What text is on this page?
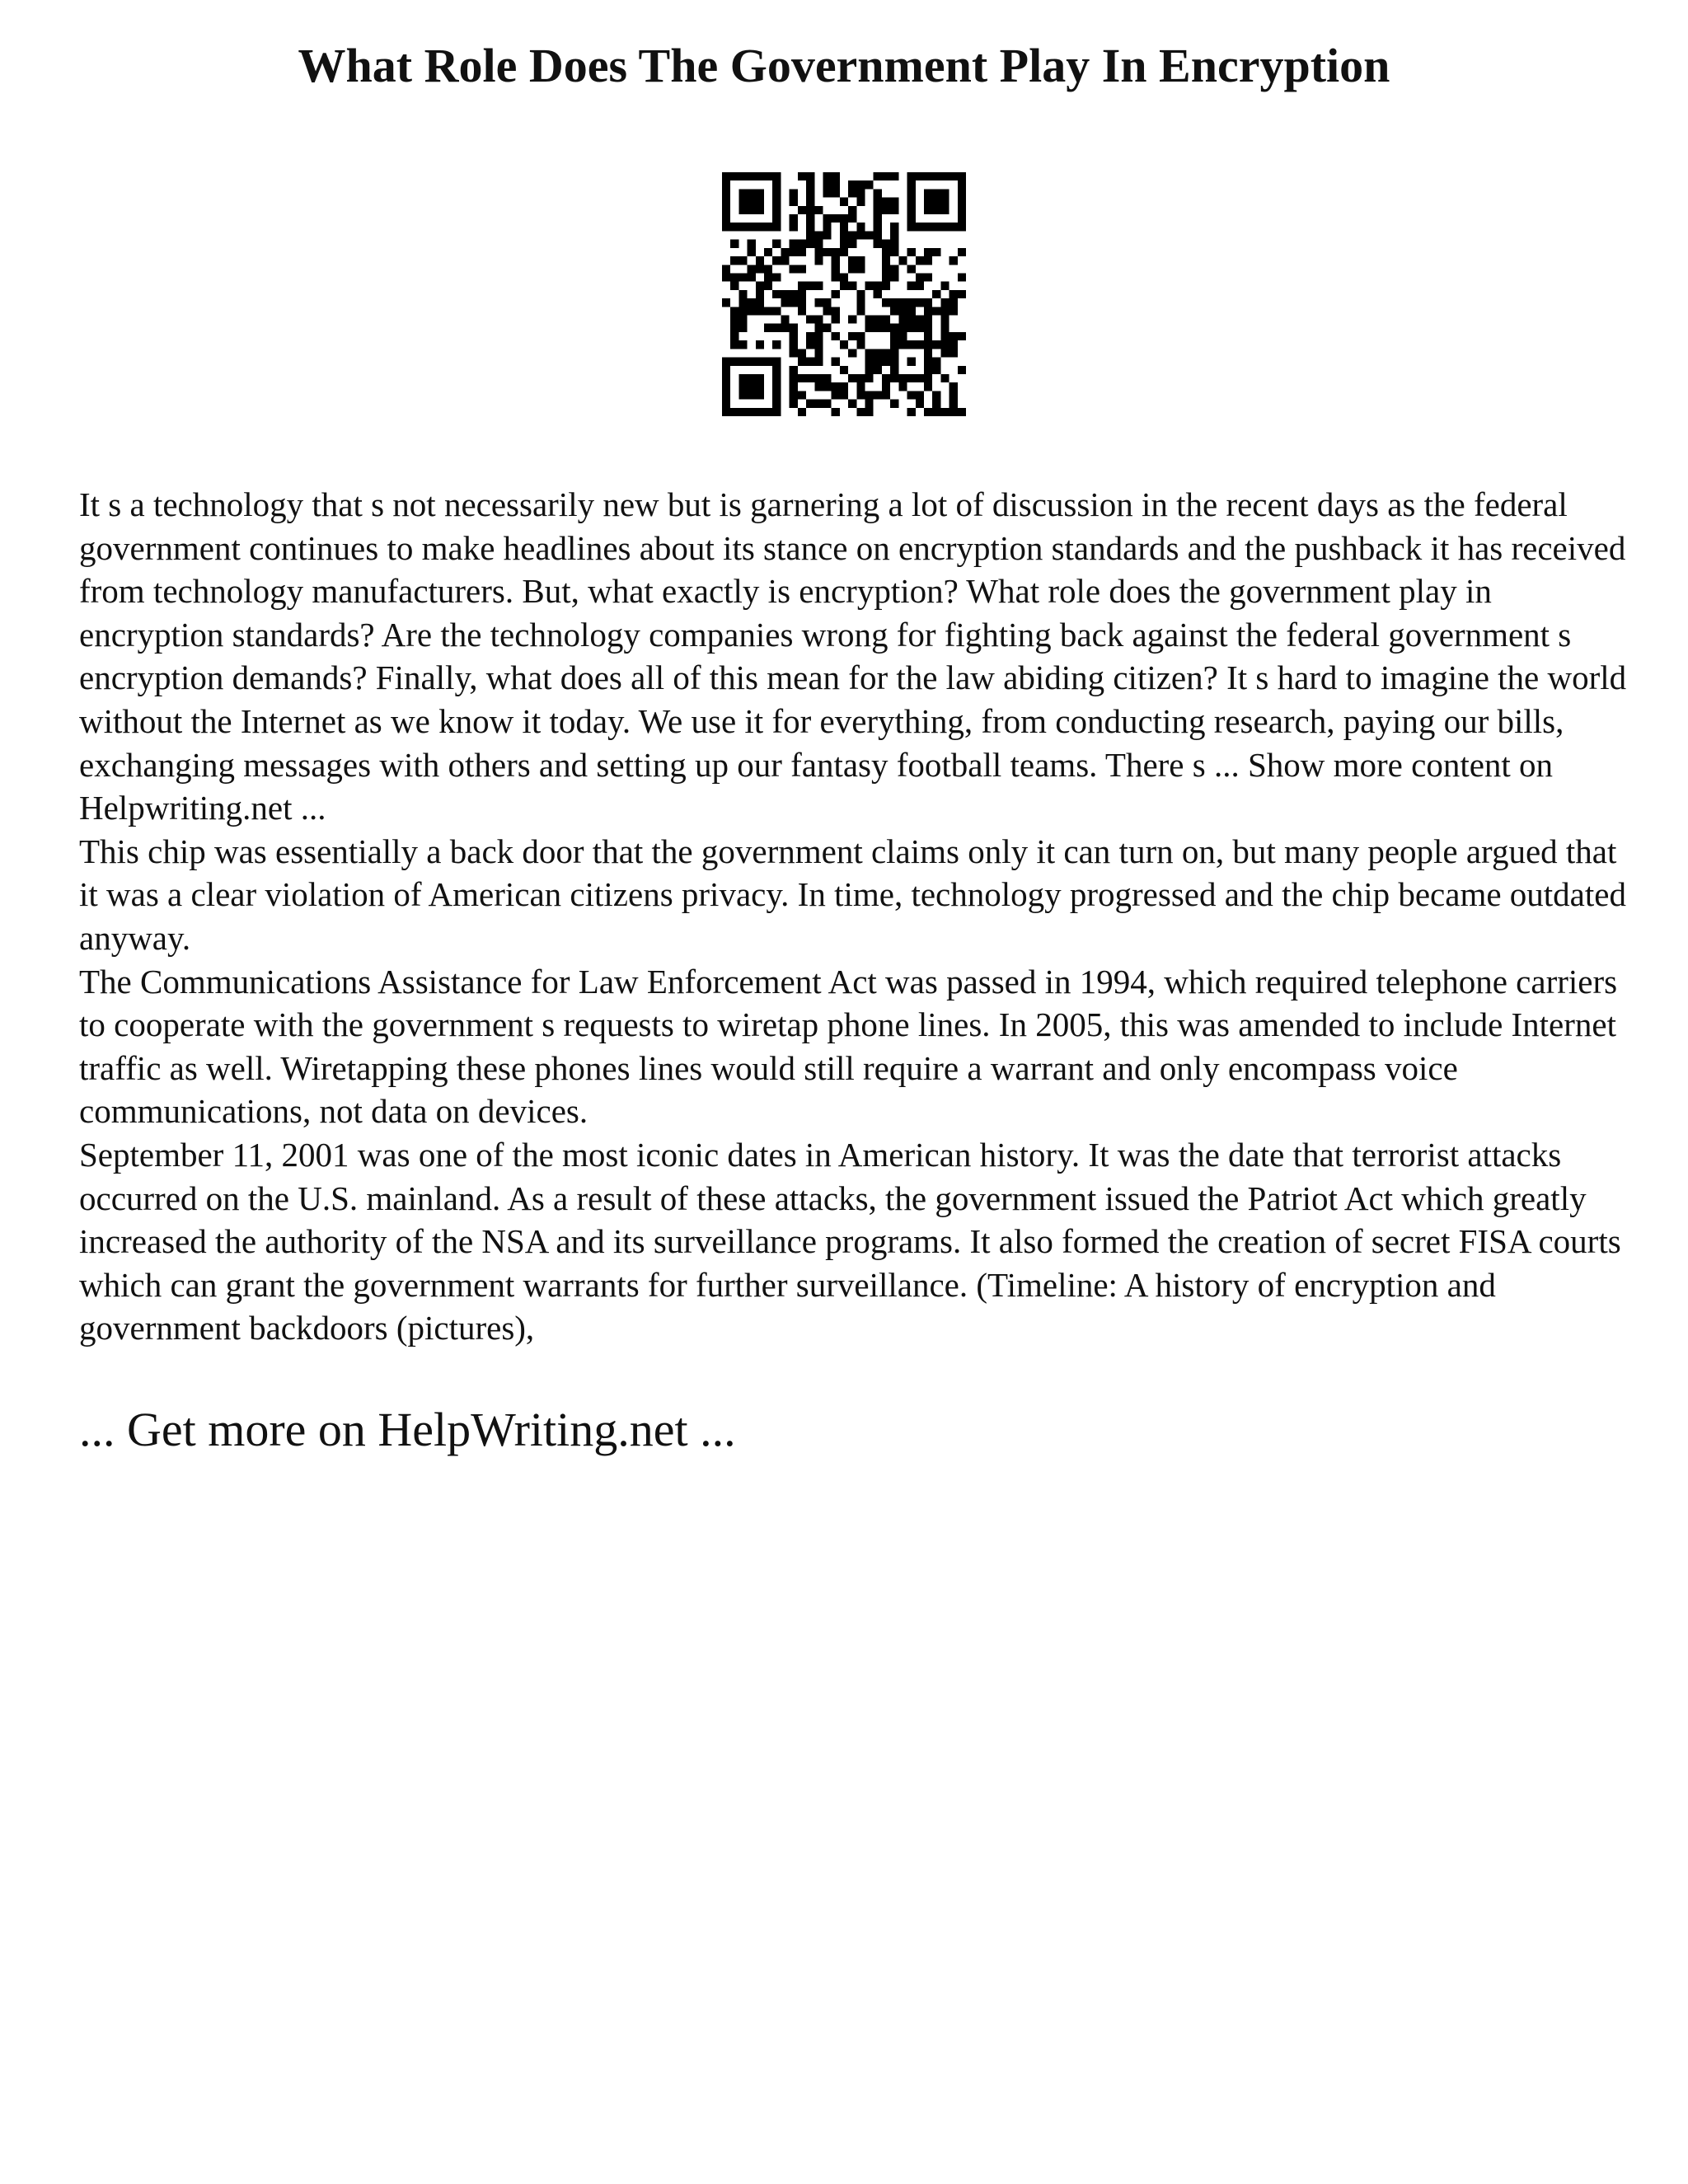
What Role Does The Government Play In Encryption

It s a technology that s not necessarily new but is garnering a lot of discussion in the recent days as the federal government continues to make headlines about its stance on encryption standards and the pushback it has received from technology manufacturers. But, what exactly is encryption? What role does the government play in encryption standards? Are the technology companies wrong for fighting back against the federal government s encryption demands? Finally, what does all of this mean for the law abiding citizen? It s hard to imagine the world without the Internet as we know it today. We use it for everything, from conducting research, paying our bills, exchanging messages with others and setting up our fantasy football teams. There s ... Show more content on Helpwriting.net ...

This chip was essentially a back door that the government claims only it can turn on, but many people argued that it was a clear violation of American citizens privacy. In time, technology progressed and the chip became outdated anyway.

The Communications Assistance for Law Enforcement Act was passed in 1994, which required telephone carriers to cooperate with the government s requests to wiretap phone lines. In 2005, this was amended to include Internet traffic as well. Wiretapping these phones lines would still require a warrant and only encompass voice communications, not data on devices.

September 11, 2001 was one of the most iconic dates in American history. It was the date that terrorist attacks occurred on the U.S. mainland. As a result of these attacks, the government issued the Patriot Act which greatly increased the authority of the NSA and its surveillance programs. It also formed the creation of secret FISA courts which can grant the government warrants for further surveillance. (Timeline: A history of encryption and government backdoors (pictures),

... Get more on HelpWriting.net ...
